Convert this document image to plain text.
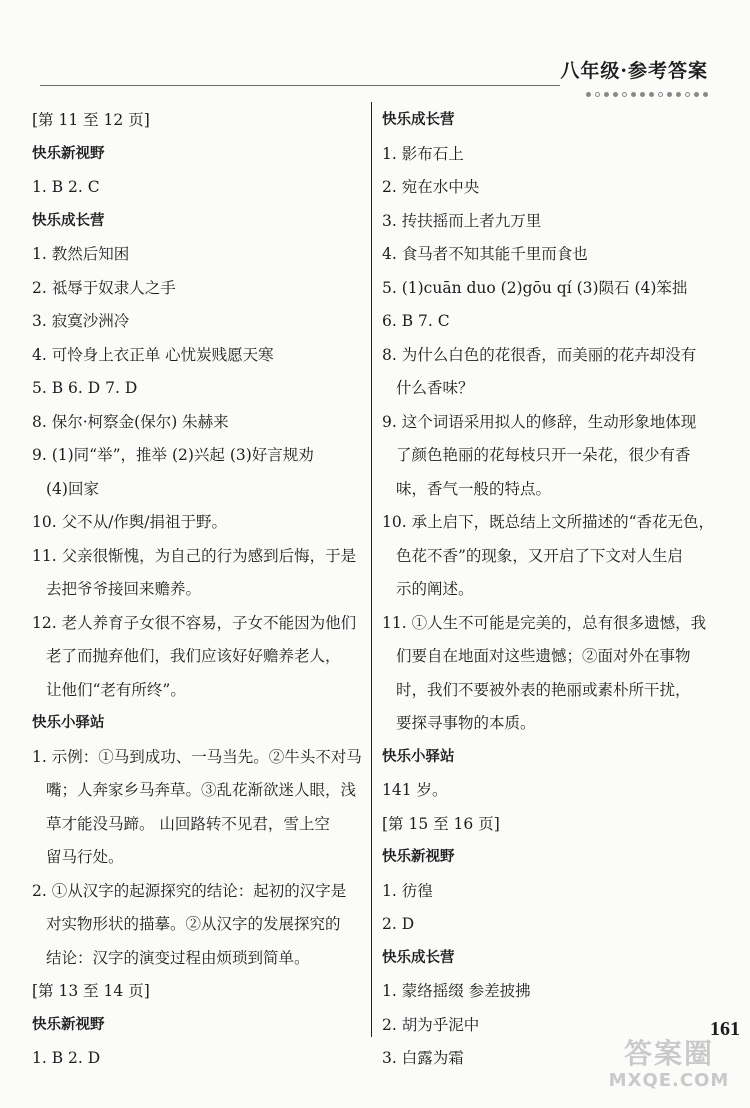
八年级·参考答案
[第 11 至 12 页]
快乐新视野
1. B 2. C
快乐成长营
1. 教然后知困
2. 祗辱于奴隶人之手
3. 寂寞沙洲冷
4. 可怜身上衣正单 心忧炭贱愿天寒
5. B 6. D 7. D
8. 保尔·柯察金(保尔) 朱赫来
9. (1)同“举”，推举 (2)兴起 (3)好言规劝
(4)回家
10. 父不从/作舆/捐祖于野。
11. 父亲很惭愧，为自己的行为感到后悔，于是
去把爷爷接回来赡养。
12. 老人养育子女很不容易，子女不能因为他们
老了而抛弃他们，我们应该好好赡养老人，
让他们“老有所终”。
快乐小驿站
1. 示例：①马到成功、一马当先。②牛头不对马
嘴；人奔家乡马奔草。③乱花渐欲迷人眼，浅
草才能没马蹄。 山回路转不见君，雪上空
留马行处。
2. ①从汉字的起源探究的结论：起初的汉字是
对实物形状的描摹。②从汉字的发展探究的
结论：汉字的演变过程由烦琐到简单。
[第 13 至 14 页]
快乐新视野
1. B 2. D
快乐成长营
1. 影布石上
2. 宛在水中央
3. 抟扶摇而上者九万里
4. 食马者不知其能千里而食也
5. (1)cuān duo (2)gōu qí (3)陨石 (4)笨拙
6. B 7. C
8. 为什么白色的花很香，而美丽的花卉却没有
什么香味？
9. 这个词语采用拟人的修辞，生动形象地体现
了颜色艳丽的花每枝只开一朵花，很少有香
味，香气一般的特点。
10. 承上启下，既总结上文所描述的“香花无色，
色花不香”的现象，又开启了下文对人生启
示的阐述。
11. ①人生不可能是完美的，总有很多遗憾，我
们要自在地面对这些遗憾；②面对外在事物
时，我们不要被外表的艳丽或素朴所干扰，
要探寻事物的本质。
快乐小驿站
141 岁。
[第 15 至 16 页]
快乐新视野
1. 彷徨
2. D
快乐成长营
1. 蒙络摇缀 参差披拂
2. 胡为乎泥中
3. 白露为霜
161
答案圈
MXQE.COM
